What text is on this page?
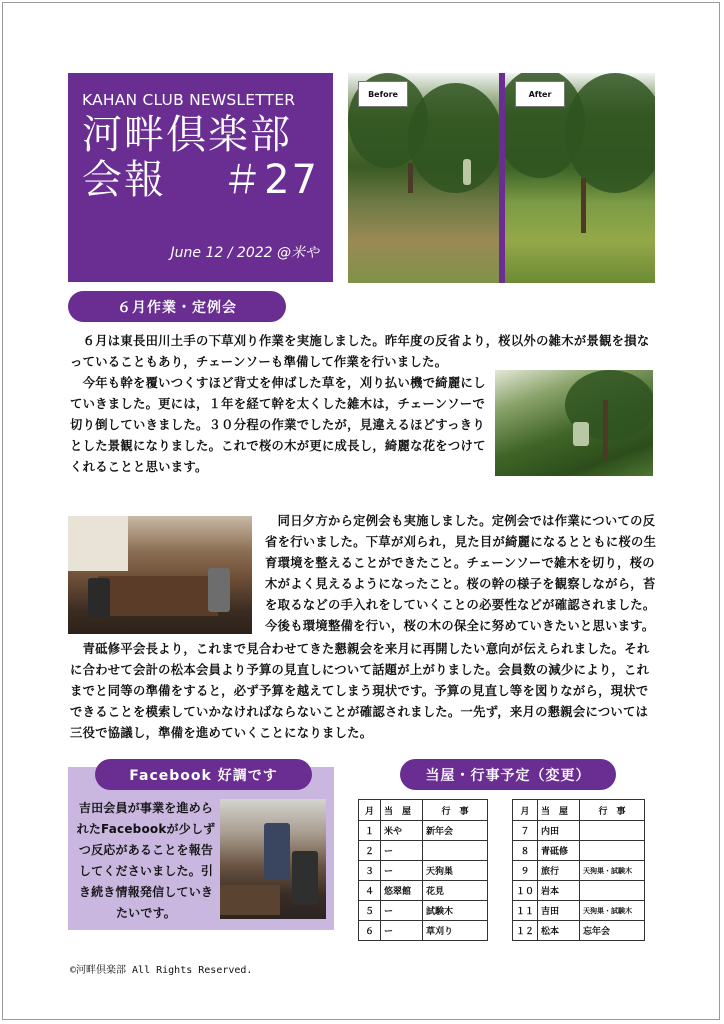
KAHAN CLUB NEWSLETTER
河畔倶楽部
会報 ＃27
June 12 / 2022 @米や
Before	After
６月作業・定例会

　６月は東長田川土手の下草刈り作業を実施しました。昨年度の反省より，桜以外の雑木が景観を損なっていることもあり，チェーンソーも準備して作業を行いました。

　今年も幹を覆いつくすほど背丈を伸ばした草を，刈り払い機で綺麗にしていきました。更には，１年を経て幹を太くした雑木は，チェーンソーで切り倒していきました。３０分程の作業でしたが，見違えるほどすっきりとした景観になりました。これで桜の木が更に成長し，綺麗な花をつけてくれることと思います。

　同日夕方から定例会も実施しました。定例会では作業についての反省を行いました。下草が刈られ，見た目が綺麗になるとともに桜の生育環境を整えることができたこと。チェーンソーで雑木を切り，桜の木がよく見えるようになったこと。桜の幹の様子を観察しながら，苔を取るなどの手入れをしていくことの必要性などが確認されました。今後も環境整備を行い，桜の木の保全に努めていきたいと思います。

　青砥修平会長より，これまで見合わせてきた懇親会を来月に再開したい意向が伝えられました。それに合わせて会計の松本会員より予算の見直しについて話題が上がりました。会員数の減少により，これまでと同等の準備をすると，必ず予算を越えてしまう現状です。予算の見直し等を図りながら，現状でできることを模索していかなければならないことが確認されました。一先ず，来月の懇親会については三役で協議し，準備を進めていくことになりました。

Facebook 好調です
吉田会員が事業を進められたFacebookが少しずつ反応があることを報告してくださいました。引き続き情報発信していきたいです。
当屋・行事予定（変更）
月	当　屋	行　事
１	米や	新年会
２	ー	
３	ー	天狗巣
４	悠翠館	花見
５	ー	試験木
６	ー	草刈り
月	当　屋	行　事
７	内田	
８	青砥修	
９	旅行	天狗巣・試験木
１０	岩本	
１１	吉田	天狗巣・試験木
１２	松本	忘年会
©河畔倶楽部 All Rights Reserved.
